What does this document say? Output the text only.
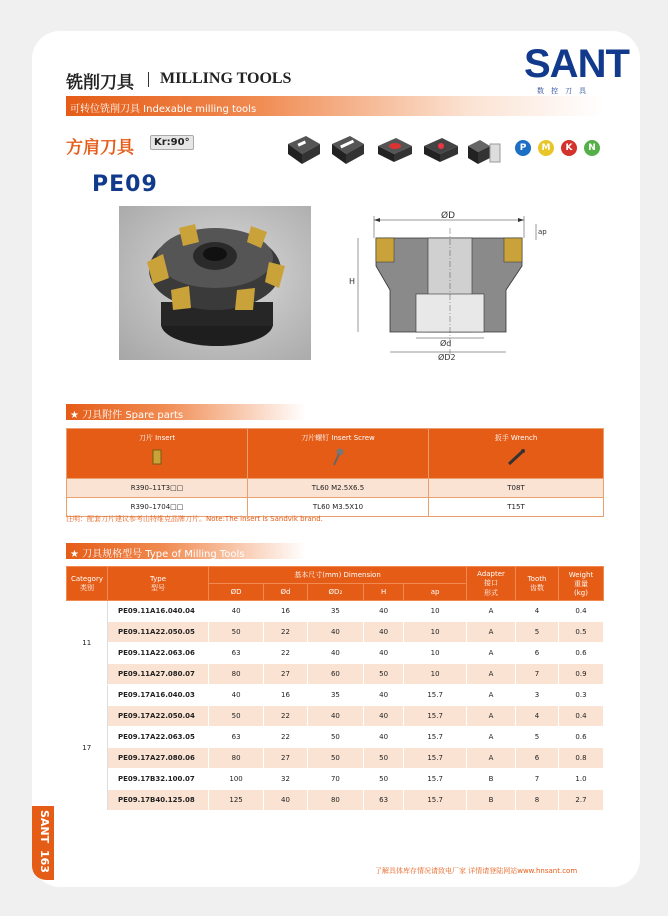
铣削刀具 MILLING TOOLS	SANT
数控刀具
可转位铣削刀具 Indexable milling tools
方肩刀具	Kr:90°
PE09
P	M	K	N
ØD
ap
H
Ød
ØD2
★ 刀具附件 Spare parts
刀片 Insert	刀片螺钉 Insert Screw	扳手 Wrench

R390–11T3□□	TL60 M2.5X6.5	T08T
R390–1704□□	TL60 M3.5X10	T15T
注明：配套刀片建议参考山特维克品牌刀片。Note:The insert is Sandvik brand.
★ 刀具规格型号 Type of Milling Tools
Category
类别	Type
型号	基本尺寸(mm) Dimension					Adapter
接口
形式	Tooth
齿数	Weight
重量
(kg)
		ØD	Ød	ØD₂	H	ap			
11	PE09.11A16.040.04	40	16	35	40	10	A	4	0.4
	PE09.11A22.050.05	50	22	40	40	10	A	5	0.5
	PE09.11A22.063.06	63	22	40	40	10	A	6	0.6
	PE09.11A27.080.07	80	27	60	50	10	A	7	0.9
17	PE09.17A16.040.03	40	16	35	40	15.7	A	3	0.3
	PE09.17A22.050.04	50	22	40	40	15.7	A	4	0.4
	PE09.17A22.063.05	63	22	50	40	15.7	A	5	0.6
	PE09.17A27.080.06	80	27	50	50	15.7	A	6	0.8
	PE09.17B32.100.07	100	32	70	50	15.7	B	7	1.0
	PE09.17B40.125.08	125	40	80	63	15.7	B	8	2.7
了解具体库存情况请致电厂家 详情请登陆网站www.hnsant.com
SANT
163
